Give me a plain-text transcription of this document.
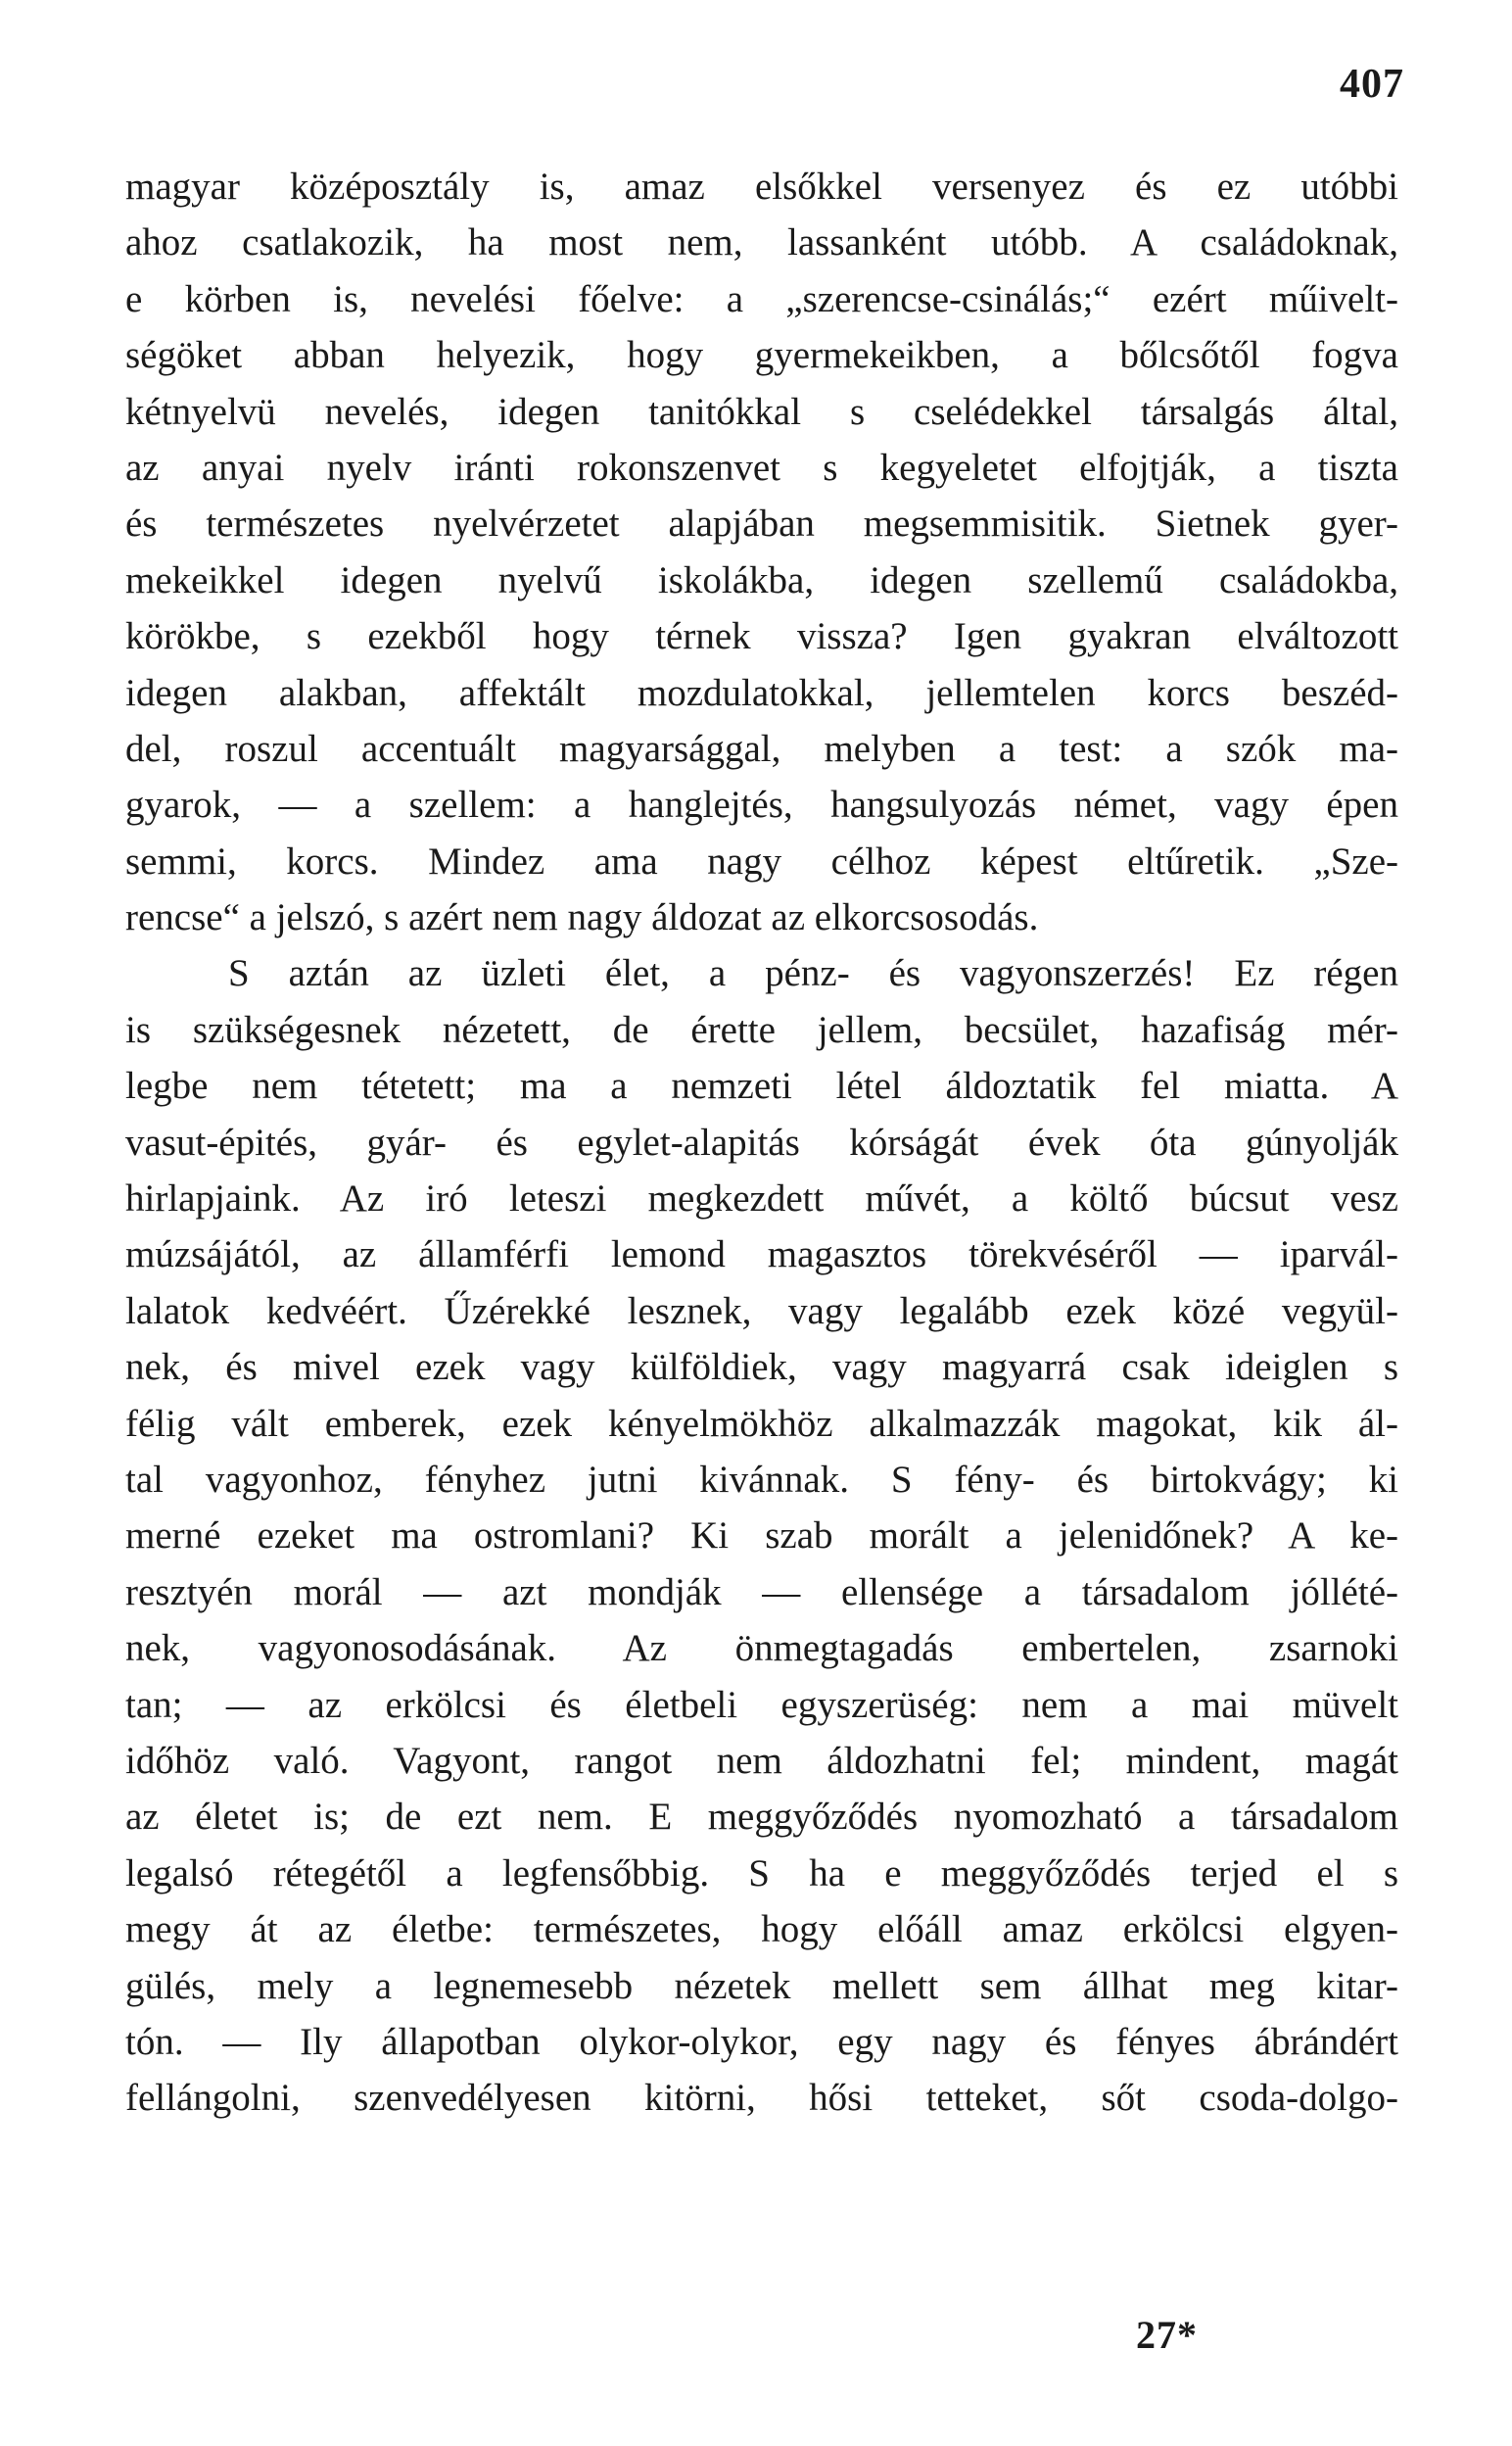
407
magyar középosztály is, amaz elsőkkel versenyez és ez utóbbi
ahoz csatlakozik, ha most nem, lassanként utóbb. A családoknak,
e körben is, nevelési főelve: a „szerencse-csinálás;“ ezért műivelt-
ségöket abban helyezik, hogy gyermekeikben, a bőlcsőtől fogva
kétnyelvü nevelés, idegen tanitókkal s cselédekkel társalgás által,
az anyai nyelv iránti rokonszenvet s kegyeletet elfojtják, a tiszta
és természetes nyelvérzetet alapjában megsemmisitik. Sietnek gyer-
mekeikkel idegen nyelvű iskolákba, idegen szellemű családokba,
körökbe, s ezekből hogy térnek vissza? Igen gyakran elváltozott
idegen alakban, affektált mozdulatokkal, jellemtelen korcs beszéd-
del, roszul accentuált magyarsággal, melyben a test: a szók ma-
gyarok, — a szellem: a hanglejtés, hangsulyozás német, vagy épen
semmi, korcs. Mindez ama nagy célhoz képest eltűretik. „Sze-
rencse“ a jelszó, s azért nem nagy áldozat az elkorcsosodás.
S aztán az üzleti élet, a pénz- és vagyonszerzés! Ez régen
is szükségesnek nézetett, de érette jellem, becsület, hazafiság mér-
legbe nem tétetett; ma a nemzeti létel áldoztatik fel miatta. A
vasut-épités, gyár- és egylet-alapitás kórságát évek óta gúnyolják
hirlapjaink. Az iró leteszi megkezdett művét, a költő búcsut vesz
múzsájától, az államférfi lemond magasztos törekvéséről — iparvál-
lalatok kedvéért. Űzérekké lesznek, vagy legalább ezek közé vegyül-
nek, és mivel ezek vagy külföldiek, vagy magyarrá csak ideiglen s
félig vált emberek, ezek kényelmökhöz alkalmazzák magokat, kik ál-
tal vagyonhoz, fényhez jutni kivánnak. S fény- és birtokvágy; ki
merné ezeket ma ostromlani? Ki szab morált a jelenidőnek? A ke-
resztyén morál — azt mondják — ellensége a társadalom jóllété-
nek, vagyonosodásának. Az önmegtagadás embertelen, zsarnoki
tan; — az erkölcsi és életbeli egyszerüség: nem a mai müvelt
időhöz való. Vagyont, rangot nem áldozhatni fel; mindent, magát
az életet is; de ezt nem. E meggyőződés nyomozható a társadalom
legalsó rétegétől a legfensőbbig. S ha e meggyőződés terjed el s
megy át az életbe: természetes, hogy előáll amaz erkölcsi elgyen-
gülés, mely a legnemesebb nézetek mellett sem állhat meg kitar-
tón. — Ily állapotban olykor-olykor, egy nagy és fényes ábrándért
fellángolni, szenvedélyesen kitörni, hősi tetteket, sőt csoda-dolgo-
27*
